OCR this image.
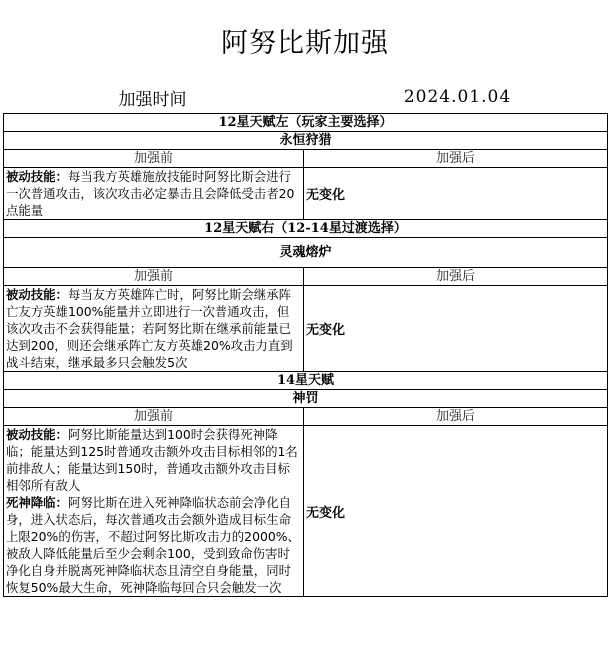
阿努比斯加强
加强时间	2024.01.04
12星天赋左（玩家主要选择）	
永恒狩猎	
加强前	加强后
被动技能：每当我方英雄施放技能时阿努比斯会进行一次普通攻击，该次攻击必定暴击且会降低受击者20点能量	无变化
12星天赋右（12-14星过渡选择）	
灵魂熔炉	
加强前	加强后
被动技能：每当友方英雄阵亡时，阿努比斯会继承阵亡友方英雄100%能量并立即进行一次普通攻击，但该次攻击不会获得能量；若阿努比斯在继承前能量已达到200，则还会继承阵亡友方英雄20%攻击力直到战斗结束，继承最多只会触发5次	无变化
14星天赋	
神罚	
加强前	加强后
被动技能：阿努比斯能量达到100时会获得死神降临；能量达到125时普通攻击额外攻击目标相邻的1名前排敌人；能量达到150时，普通攻击额外攻击目标相邻所有敌人
死神降临：阿努比斯在进入死神降临状态前会净化自身，进入状态后，每次普通攻击会额外造成目标生命上限20%的伤害，不超过阿努比斯攻击力的2000%、被敌人降低能量后至少会剩余100，受到致命伤害时净化自身并脱离死神降临状态且清空自身能量，同时恢复50%最大生命，死神降临每回合只会触发一次	无变化
